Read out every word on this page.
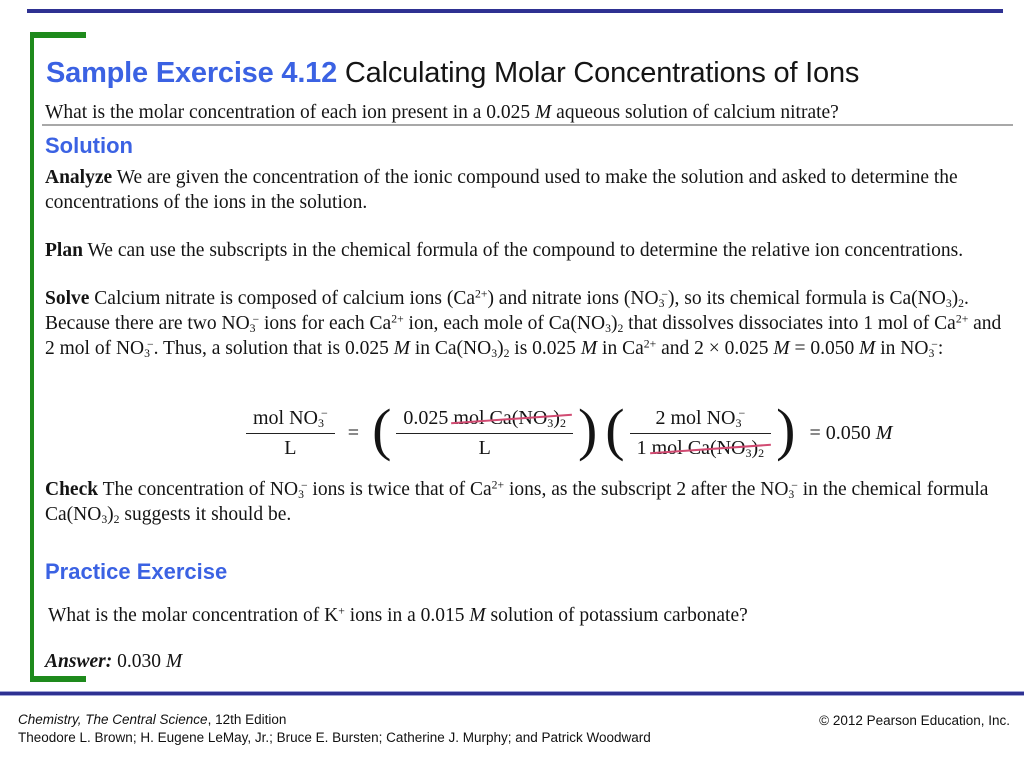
Sample Exercise 4.12 Calculating Molar Concentrations of Ions
What is the molar concentration of each ion present in a 0.025 M aqueous solution of calcium nitrate?
Solution
Analyze We are given the concentration of the ionic compound used to make the solution and asked to determine the concentrations of the ions in the solution.
Plan We can use the subscripts in the chemical formula of the compound to determine the relative ion concentrations.
Solve Calcium nitrate is composed of calcium ions $(Ca^{2+})$ and nitrate ions $(NO_3^-)$, so its chemical formula is $Ca(NO_3)_2$. Because there are two $NO_3^-$ ions for each $Ca^{2+}$ ion, each mole of $Ca(NO_3)_2$ that dissolves dissociates into 1 mol of $Ca^{2+}$ and 2 mol of $NO_3^-$. Thus, a solution that is 0.025 M in $Ca(NO_3)_2$ is 0.025 M in $Ca^{2+}$ and 2 × 0.025 M = 0.050 M in $NO_3^-$:
$\frac{mol NO_3^-}{L}$ = ( $\frac{0.025 mol Ca(NO_3)_2}{L}$ ) ( $\frac{2 mol NO_3^-}{1 mol Ca(NO_3)_2}$ ) = 0.050 M
Check The concentration of $NO_3^-$ ions is twice that of $Ca^{2+}$ ions, as the subscript 2 after the $NO_3^-$ in the chemical formula $Ca(NO_3)_2$ suggests it should be.
Practice Exercise
What is the molar concentration of K+ ions in a 0.015 M solution of potassium carbonate?
Answer: 0.030 M
Chemistry, The Central Science, 12th Edition
Theodore L. Brown; H. Eugene LeMay, Jr.; Bruce E. Bursten; Catherine J. Murphy; and Patrick Woodward
© 2012 Pearson Education, Inc.
